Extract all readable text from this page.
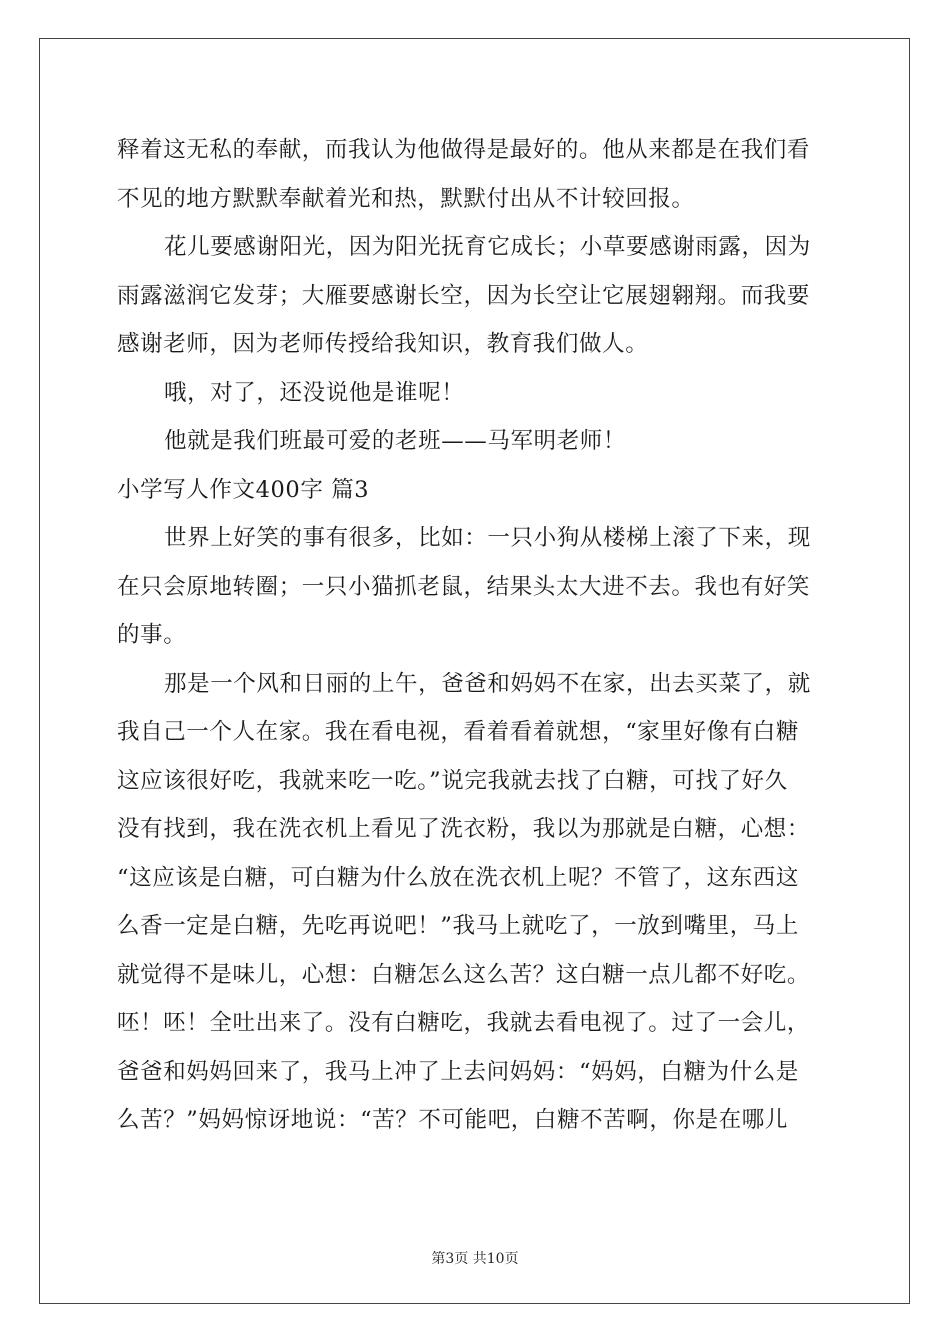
释着这无私的奉献，而我认为他做得是最好的。他从来都是在我们看
不见的地方默默奉献着光和热，默默付出从不计较回报。
花儿要感谢阳光，因为阳光抚育它成长；小草要感谢雨露，因为
雨露滋润它发芽；大雁要感谢长空，因为长空让它展翅翱翔。而我要
感谢老师，因为老师传授给我知识，教育我们做人。
哦，对了，还没说他是谁呢！
他就是我们班最可爱的老班——马军明老师！
小学写人作文400字 篇3
世界上好笑的事有很多，比如：一只小狗从楼梯上滚了下来，现
在只会原地转圈；一只小猫抓老鼠，结果头太大进不去。我也有好笑
的事。
那是一个风和日丽的上午，爸爸和妈妈不在家，出去买菜了，就
我自己一个人在家。我在看电视，看着看着就想，“家里好像有白糖
这应该很好吃，我就来吃一吃。”说完我就去找了白糖，可找了好久
没有找到，我在洗衣机上看见了洗衣粉，我以为那就是白糖，心想：
“这应该是白糖，可白糖为什么放在洗衣机上呢？不管了，这东西这
么香一定是白糖，先吃再说吧！”我马上就吃了，一放到嘴里，马上
就觉得不是味儿，心想：白糖怎么这么苦？这白糖一点儿都不好吃。
呸！呸！全吐出来了。没有白糖吃，我就去看电视了。过了一会儿，
爸爸和妈妈回来了，我马上冲了上去问妈妈：“妈妈，白糖为什么是
么苦？”妈妈惊讶地说：“苦？不可能吧，白糖不苦啊，你是在哪儿
第3页 共10页
